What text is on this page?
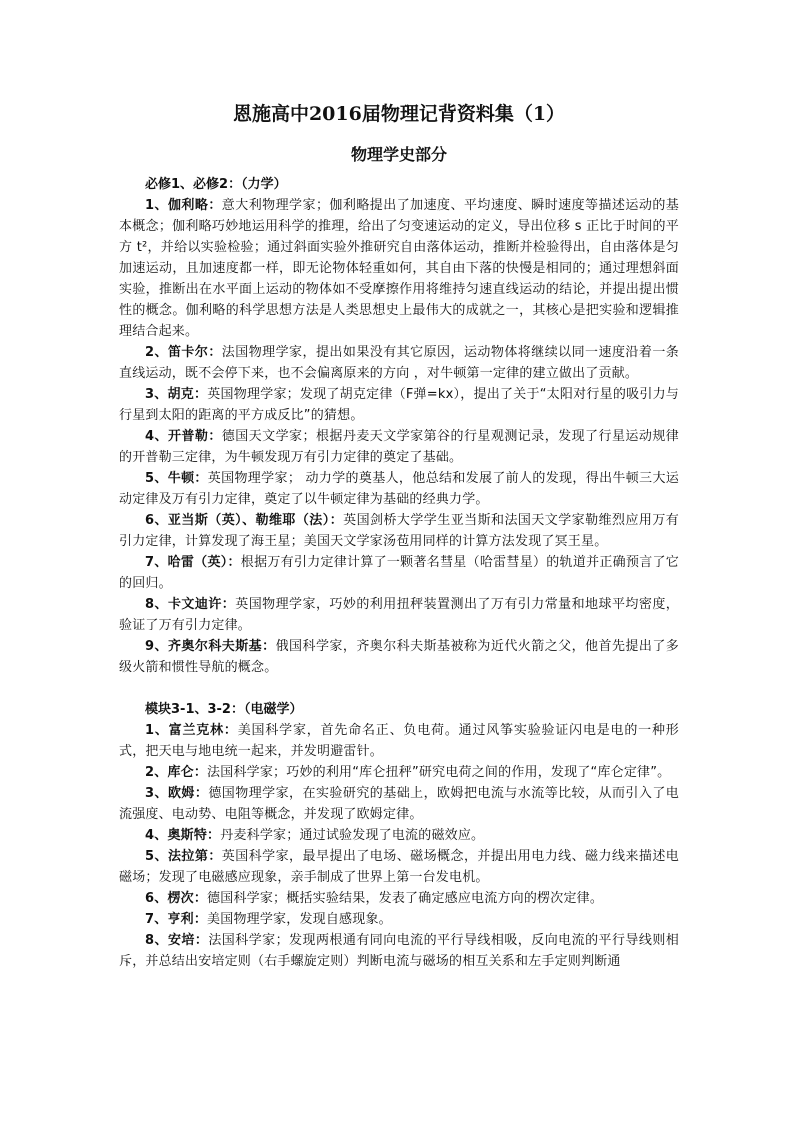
恩施高中2016届物理记背资料集（1）
物理学史部分

必修1、必修2：（力学）

1、伽利略：意大利物理学家；伽利略提出了加速度、平均速度、瞬时速度等描述运动的基本概念；伽利略巧妙地运用科学的推理，给出了匀变速运动的定义，导出位移 s 正比于时间的平方 t²，并给以实验检验；通过斜面实验外推研究自由落体运动，推断并检验得出，自由落体是匀加速运动，且加速度都一样，即无论物体轻重如何，其自由下落的快慢是相同的；通过理想斜面实验，推断出在水平面上运动的物体如不受摩擦作用将维持匀速直线运动的结论，并提出提出惯性的概念。伽利略的科学思想方法是人类思想史上最伟大的成就之一，其核心是把实验和逻辑推理结合起来。

2、笛卡尔：法国物理学家，提出如果没有其它原因，运动物体将继续以同一速度沿着一条直线运动，既不会停下来，也不会偏离原来的方向 ，对牛顿第一定律的建立做出了贡献。

3、胡克：英国物理学家；发现了胡克定律（F弹=kx），提出了关于“太阳对行星的吸引力与行星到太阳的距离的平方成反比”的猜想。

4、开普勒：德国天文学家；根据丹麦天文学家第谷的行星观测记录，发现了行星运动规律的开普勒三定律，为牛顿发现万有引力定律的奠定了基础。

5、牛顿：英国物理学家； 动力学的奠基人，他总结和发展了前人的发现，得出牛顿三大运动定律及万有引力定律，奠定了以牛顿定律为基础的经典力学。

6、亚当斯（英）、勒维耶（法）：英国剑桥大学学生亚当斯和法国天文学家勒维烈应用万有引力定律，计算发现了海王星；美国天文学家汤苞用同样的计算方法发现了冥王星。

7、哈雷（英）：根据万有引力定律计算了一颗著名彗星（哈雷彗星）的轨道并正确预言了它的回归。

8、卡文迪许：英国物理学家，巧妙的利用扭秤装置测出了万有引力常量和地球平均密度，验证了万有引力定律。

9、齐奥尔科夫斯基：俄国科学家，齐奥尔科夫斯基被称为近代火箭之父，他首先提出了多级火箭和惯性导航的概念。

模块3-1、3-2：（电磁学）

1、富兰克林：美国科学家，首先命名正、负电荷。通过风筝实验验证闪电是电的一种形式，把天电与地电统一起来，并发明避雷针。

2、库仑：法国科学家；巧妙的利用“库仑扭秤”研究电荷之间的作用，发现了“库仑定律”。

3、欧姆：德国物理学家，在实验研究的基础上，欧姆把电流与水流等比较，从而引入了电流强度、电动势、电阻等概念，并发现了欧姆定律。

4、奥斯特：丹麦科学家；通过试验发现了电流的磁效应。

5、法拉第：英国科学家，最早提出了电场、磁场概念，并提出用电力线、磁力线来描述电磁场；发现了电磁感应现象，亲手制成了世界上第一台发电机。

6、楞次：德国科学家；概括实验结果，发表了确定感应电流方向的楞次定律。

7、亨利：美国物理学家，发现自感现象。

8、安培：法国科学家；发现两根通有同向电流的平行导线相吸，反向电流的平行导线则相斥，并总结出安培定则（右手螺旋定则）判断电流与磁场的相互关系和左手定则判断通
